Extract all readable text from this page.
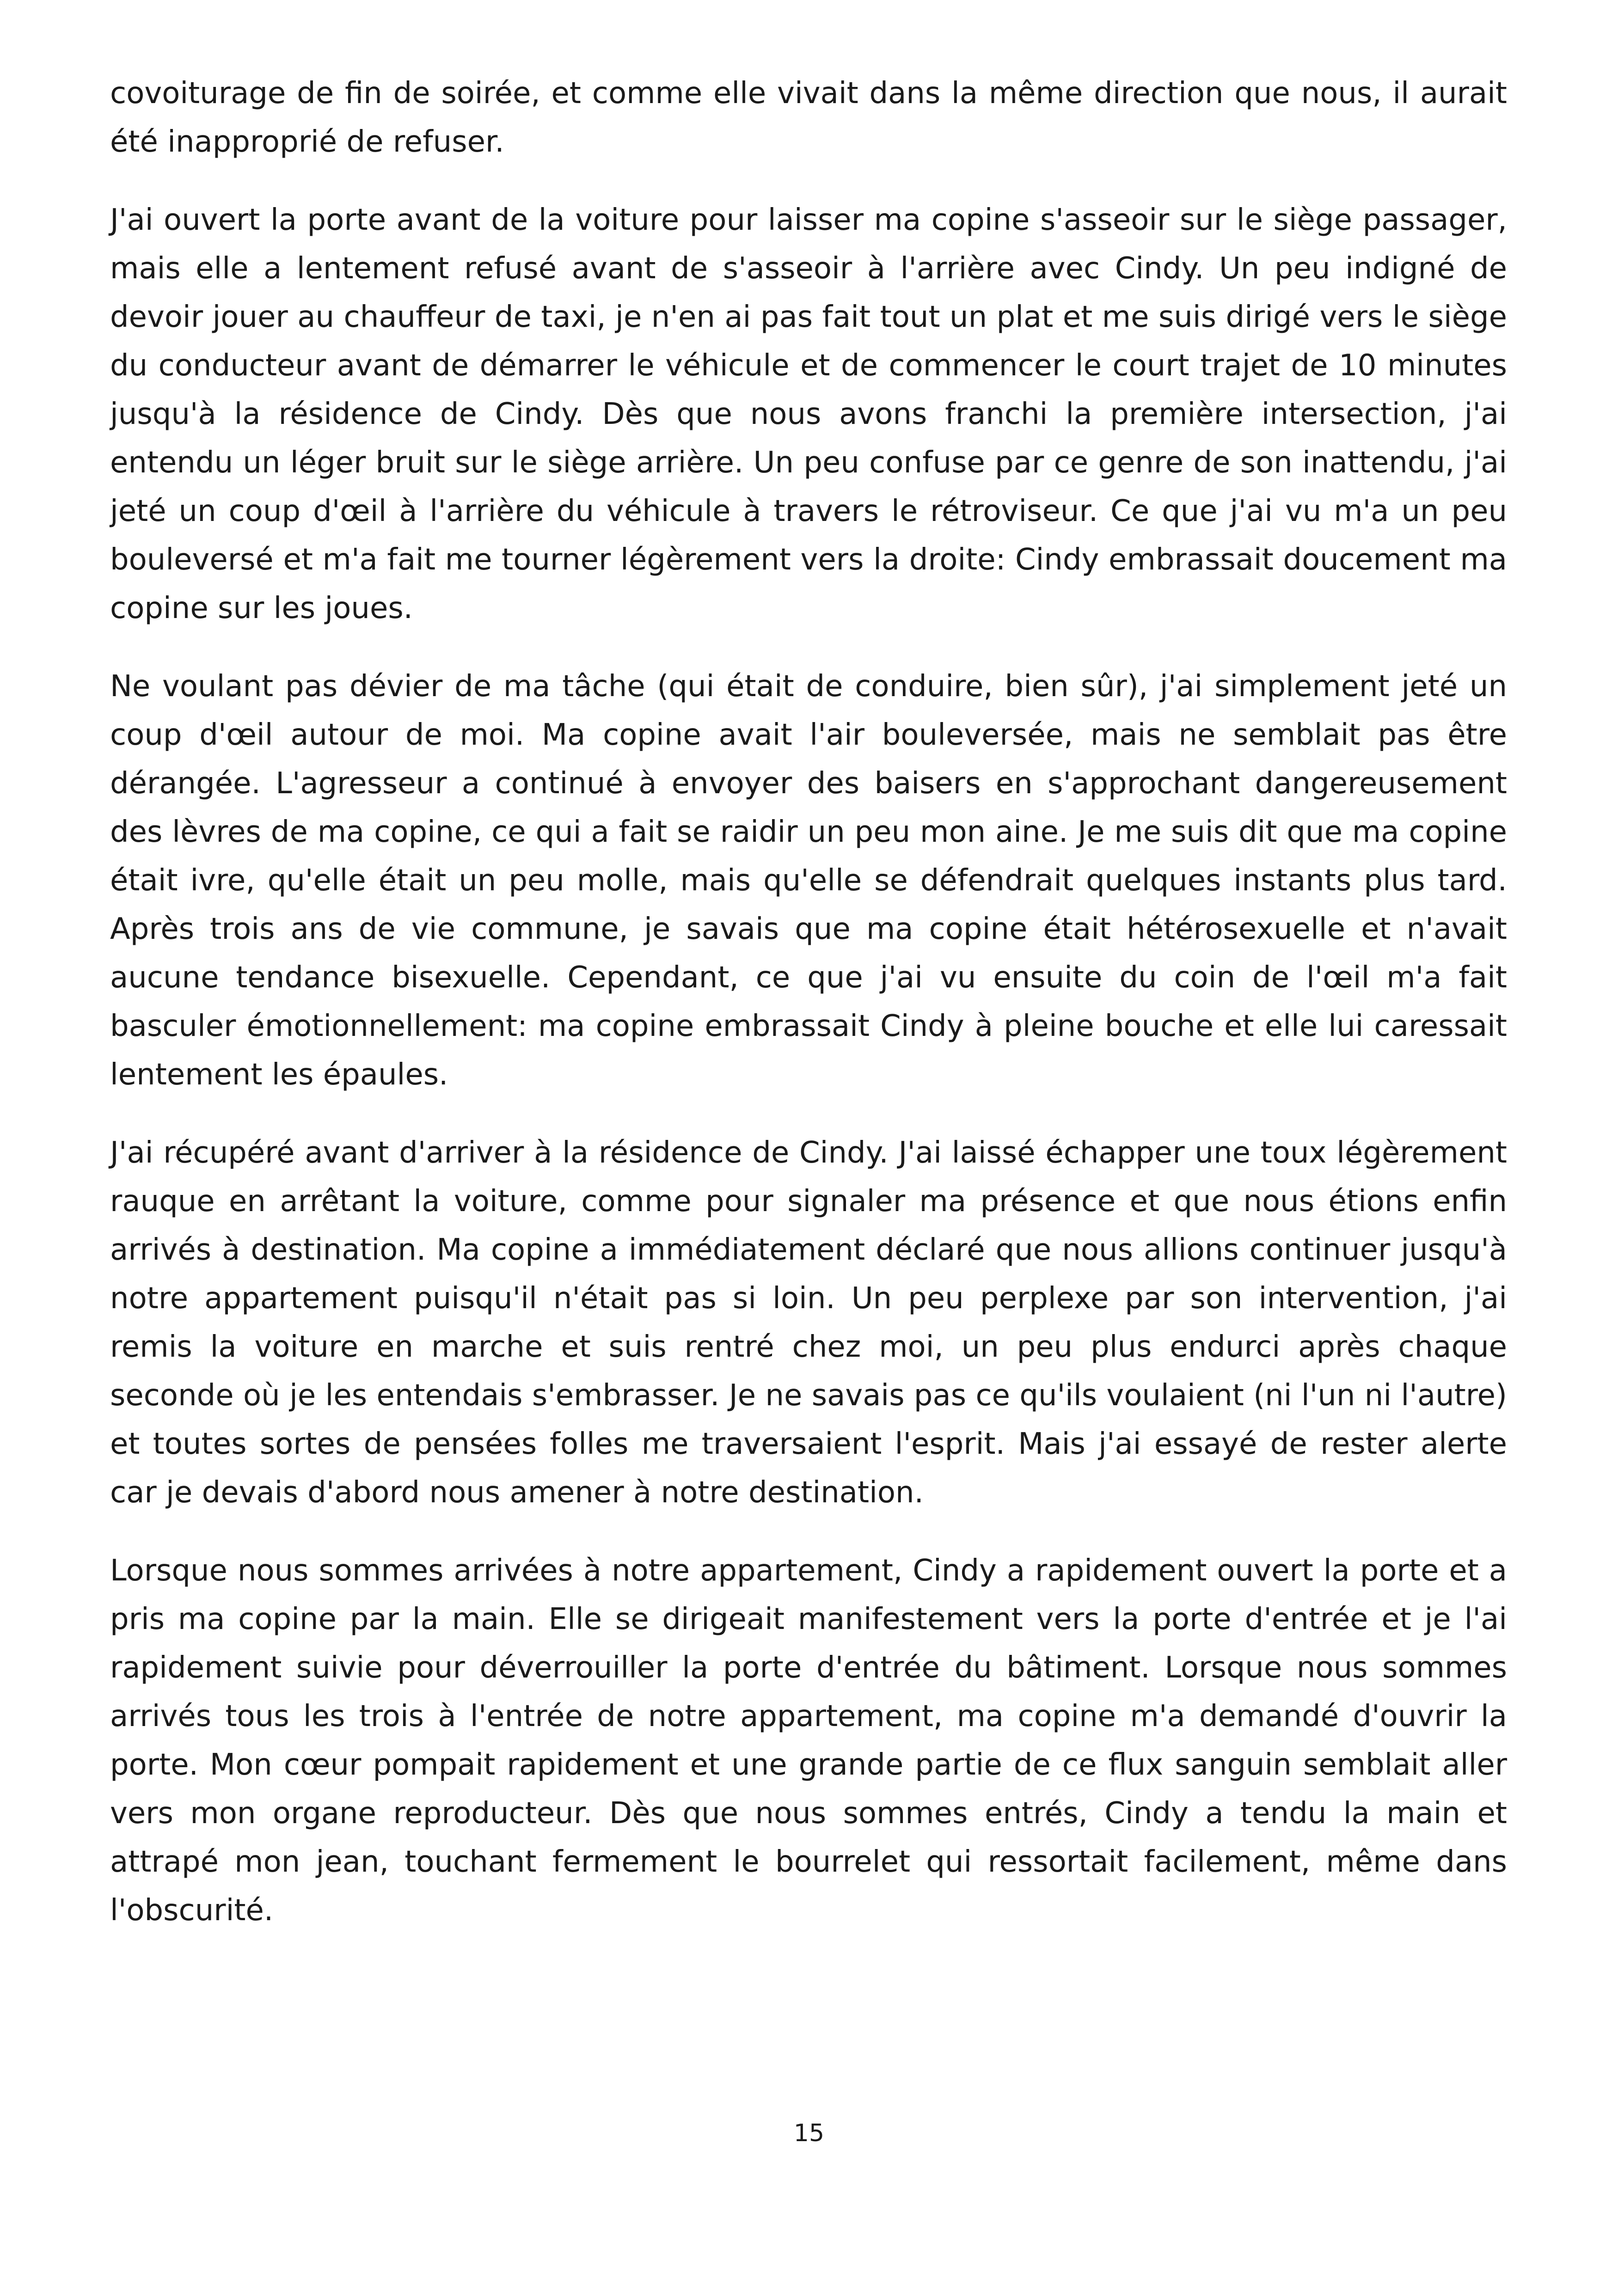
covoiturage de fin de soirée, et comme elle vivait dans la même direction que nous, il aurait été inapproprié de refuser.

J'ai ouvert la porte avant de la voiture pour laisser ma copine s'asseoir sur le siège passager, mais elle a lentement refusé avant de s'asseoir à l'arrière avec Cindy. Un peu indigné de devoir jouer au chauffeur de taxi, je n'en ai pas fait tout un plat et me suis dirigé vers le siège du conducteur avant de démarrer le véhicule et de commencer le court trajet de 10 minutes jusqu'à la résidence de Cindy. Dès que nous avons franchi la première intersection, j'ai entendu un léger bruit sur le siège arrière. Un peu confuse par ce genre de son inattendu, j'ai jeté un coup d'œil à l'arrière du véhicule à travers le rétroviseur. Ce que j'ai vu m'a un peu bouleversé et m'a fait me tourner légèrement vers la droite: Cindy embrassait doucement ma copine sur les joues.

Ne voulant pas dévier de ma tâche (qui était de conduire, bien sûr), j'ai simplement jeté un coup d'œil autour de moi. Ma copine avait l'air bouleversée, mais ne semblait pas être dérangée. L'agresseur a continué à envoyer des baisers en s'approchant dangereusement des lèvres de ma copine, ce qui a fait se raidir un peu mon aine. Je me suis dit que ma copine était ivre, qu'elle était un peu molle, mais qu'elle se défendrait quelques instants plus tard. Après trois ans de vie commune, je savais que ma copine était hétérosexuelle et n'avait aucune tendance bisexuelle. Cependant, ce que j'ai vu ensuite du coin de l'œil m'a fait basculer émotionnellement: ma copine embrassait Cindy à pleine bouche et elle lui caressait lentement les épaules.

J'ai récupéré avant d'arriver à la résidence de Cindy. J'ai laissé échapper une toux légèrement rauque en arrêtant la voiture, comme pour signaler ma présence et que nous étions enfin arrivés à destination. Ma copine a immédiatement déclaré que nous allions continuer jusqu'à notre appartement puisqu'il n'était pas si loin. Un peu perplexe par son intervention, j'ai remis la voiture en marche et suis rentré chez moi, un peu plus endurci après chaque seconde où je les entendais s'embrasser. Je ne savais pas ce qu'ils voulaient (ni l'un ni l'autre) et toutes sortes de pensées folles me traversaient l'esprit. Mais j'ai essayé de rester alerte car je devais d'abord nous amener à notre destination.

Lorsque nous sommes arrivées à notre appartement, Cindy a rapidement ouvert la porte et a pris ma copine par la main. Elle se dirigeait manifestement vers la porte d'entrée et je l'ai rapidement suivie pour déverrouiller la porte d'entrée du bâtiment. Lorsque nous sommes arrivés tous les trois à l'entrée de notre appartement, ma copine m'a demandé d'ouvrir la porte. Mon cœur pompait rapidement et une grande partie de ce flux sanguin semblait aller vers mon organe reproducteur. Dès que nous sommes entrés, Cindy a tendu la main et attrapé mon jean, touchant fermement le bourrelet qui ressortait facilement, même dans l'obscurité.

15
